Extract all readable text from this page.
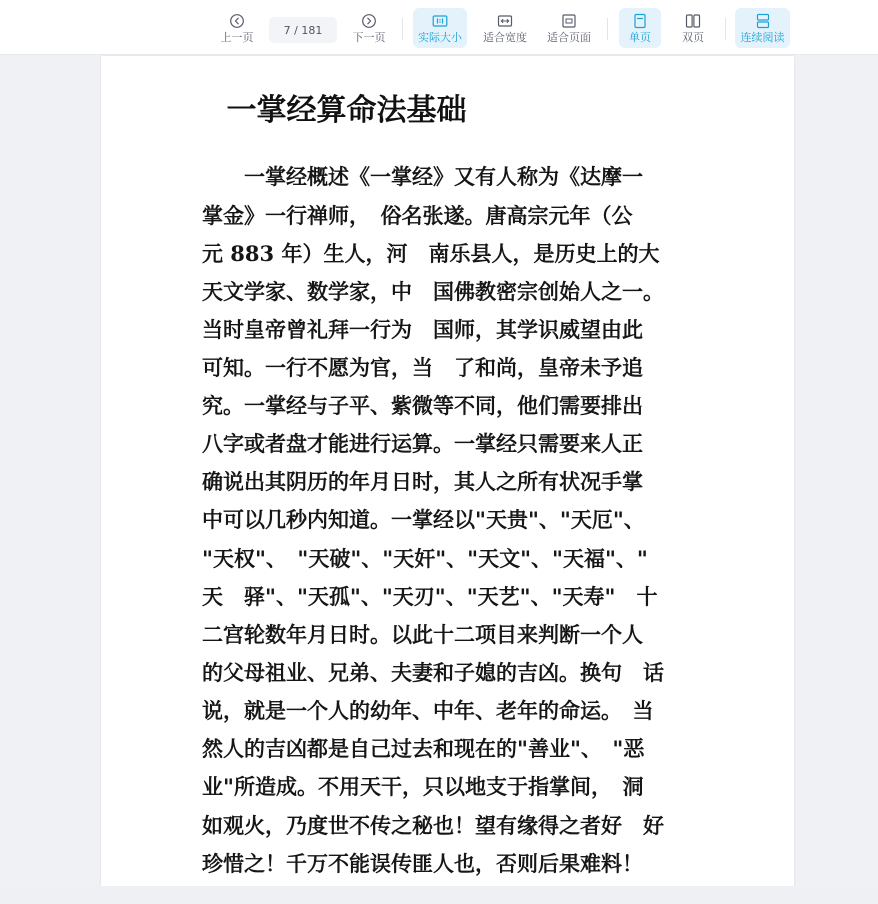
上一页
7 / 181
下一页	实际大小 适合宽度 适合页面	单页	双页	连续阅读
一掌经算命法基础
　　一掌经概述《一掌经》又有人称为《达摩一
掌金》一行禅师，　俗名张遂。唐高宗元年（公
元 883 年）生人，河　南乐县人，是历史上的大
天文学家、数学家，中　国佛教密宗创始人之一。
当时皇帝曾礼拜一行为　国师，其学识威望由此
可知。一行不愿为官，当　了和尚，皇帝未予追
究。一掌经与子平、紫微等不同，他们需要排出
八字或者盘才能进行运算。一掌经只需要来人正
确说出其阴历的年月日时，其人之所有状况手掌
中可以几秒内知道。一掌经以"天贵"、"天厄"、
"天权"、　"天破"、"天奸"、"天文"、"天福"、"
天　驿"、"天孤"、"天刃"、"天艺"、"天寿"　十
二宫轮数年月日时。以此十二项目来判断一个人
的父母祖业、兄弟、夫妻和子媳的吉凶。换句　话
说，就是一个人的幼年、中年、老年的命运。　当
然人的吉凶都是自己过去和现在的"善业"、　"恶
业"所造成。不用天干，只以地支于指掌间，　洞
如观火，乃度世不传之秘也！望有缘得之者好　好
珍惜之！千万不能误传匪人也，否则后果难料！
